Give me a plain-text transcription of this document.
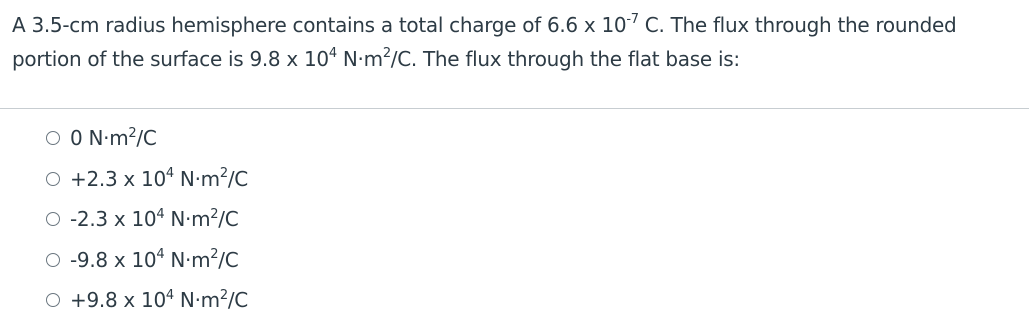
A 3.5-cm radius hemisphere contains a total charge of 6.6 x $10^{-7}$ C. The flux through the rounded portion of the surface is 9.8 x $10^4$ $N\cdot m^2/C$. The flux through the flat base is:
0 $N\cdot m^2/C$
+2.3 x $10^4$ $N\cdot m^2/C$
-2.3 x $10^4$ $N\cdot m^2/C$
-9.8 x $10^4$ $N\cdot m^2/C$
+9.8 x $10^4$ $N\cdot m^2/C$
